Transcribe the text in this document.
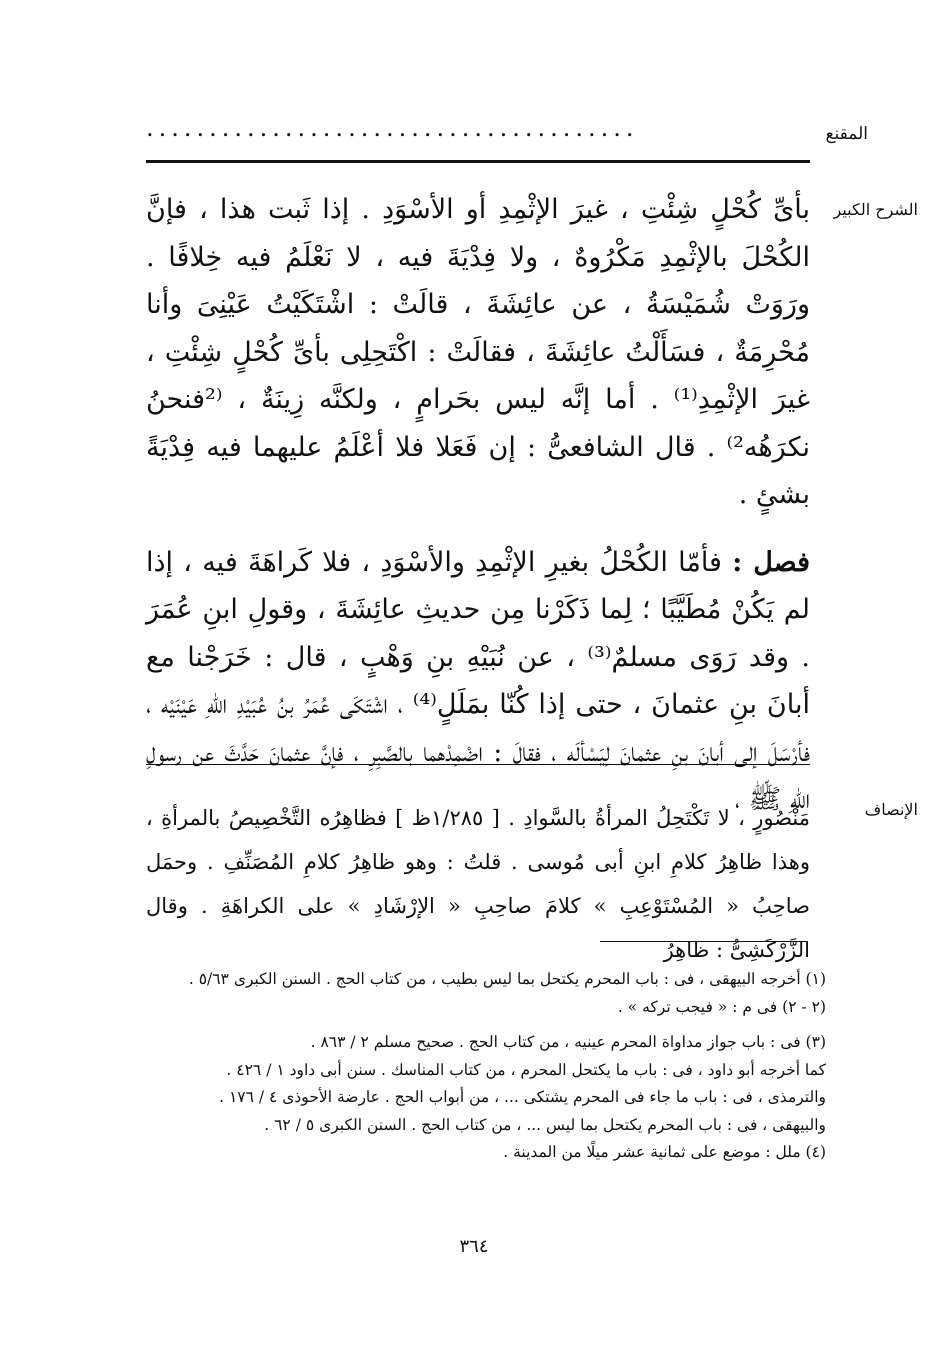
المقنع
.......................................
الشرح الكبير

بأىِّ كُحْلٍ شِئْتِ ، غيرَ الإثْمِدِ أو الأسْوَدِ . إذا ثَبت هذا ، فإنَّ الكُحْلَ بالإثْمِدِ مَكْرُوهٌ ، ولا فِدْيَةَ فيه ، لا نَعْلَمُ فيه خِلافًا . ورَوَتْ شُمَيْسَةُ ، عن عائِشَةَ ، قالَتْ : اشْتَكَيْتُ عَيْنِىَ وأنا مُحْرِمَةٌ ، فسَأَلْتُ عائِشَةَ ، فقالَتْ : اكْتَحِلِى بأىِّ كُحْلٍ شِئْتِ ، غيرَ الإثْمِدِ⁽¹⁾ . أما إنَّه ليس بحَرامٍ ، ولكنَّه زِينَةٌ ، ⁽²فنحنُ نكرَهُه²⁾ . قال الشافعىُّ : إن فَعَلا فلا أعْلَمُ عليهما فيه فِدْيَةً بشئٍ .

فصل : فأمّا الكُحْلُ بغيرِ الإثْمِدِ والأسْوَدِ ، فلا كَراهَةَ فيه ، إذا لم يَكُنْ مُطَيَّبًا ؛ لِما ذَكَرْنا مِن حديثِ عائِشَةَ ، وقولِ ابنِ عُمَرَ . وقد رَوَى مسلمٌ⁽³⁾ ، عن نُبَيْهِ بنِ وَهْبٍ ، قال : خَرَجْنا مع أبانَ بنِ عثمانَ ، حتى إذا كُنّا بمَلَلٍ⁽⁴⁾ ، اشْتَكَى عُمَرُ بنُ عُبَيْدِ اللهِ عَيْنَيْه ، فأرْسَلَ إلى أبانَ بنِ عثمانَ لِيَسْألَه ، فقالَ : اضْمِدْهما بالصَّبِرِ ، فإنَّ عثمانَ حَدَّثَ عن رسولِ اللهِ ﷺ ،	الإنصاف

مَنْصُورٍ ، لا تَكْتَحِلُ المرأةُ بالسَّوادِ . [ ١/٢٨٥ظ ] فظاهِرُه التَّخْصِيصُ بالمرأةِ ، وهذا ظاهِرُ كلامِ ابنِ أبى مُوسى . قلتُ : وهو ظاهِرُ كلامِ المُصَنِّفِ . وحمَل صاحِبُ « المُسْتَوْعِبِ » كلامَ صاحِبِ « الإرْشَادِ » على الكراهَةِ . وقال الزَّرْكَشِىُّ : ظاهِرُ

(١) أخرجه البيهقى ، فى : باب المحرم يكتحل بما ليس بطيب ، من كتاب الحج . السنن الكبرى ٥/٦٣ .

(٢ - ٢) فى م : « فيجب تركه » .

(٣) فى : باب جواز مداواة المحرم عينيه ، من كتاب الحج . صحيح مسلم ٢ / ٨٦٣ .

كما أخرجه أبو داود ، فى : باب ما يكتحل المحرم ، من كتاب المناسك . سنن أبى داود ١ / ٤٢٦ .

والترمذى ، فى : باب ما جاء فى المحرم يشتكى ... ، من أبواب الحج . عارضة الأحوذى ٤ / ١٧٦ .

والبيهقى ، فى : باب المحرم يكتحل بما ليس ... ، من كتاب الحج . السنن الكبرى ٥ / ٦٢ .

(٤) ملل : موضع على ثمانية عشر ميلًا من المدينة .

٣٦٤
